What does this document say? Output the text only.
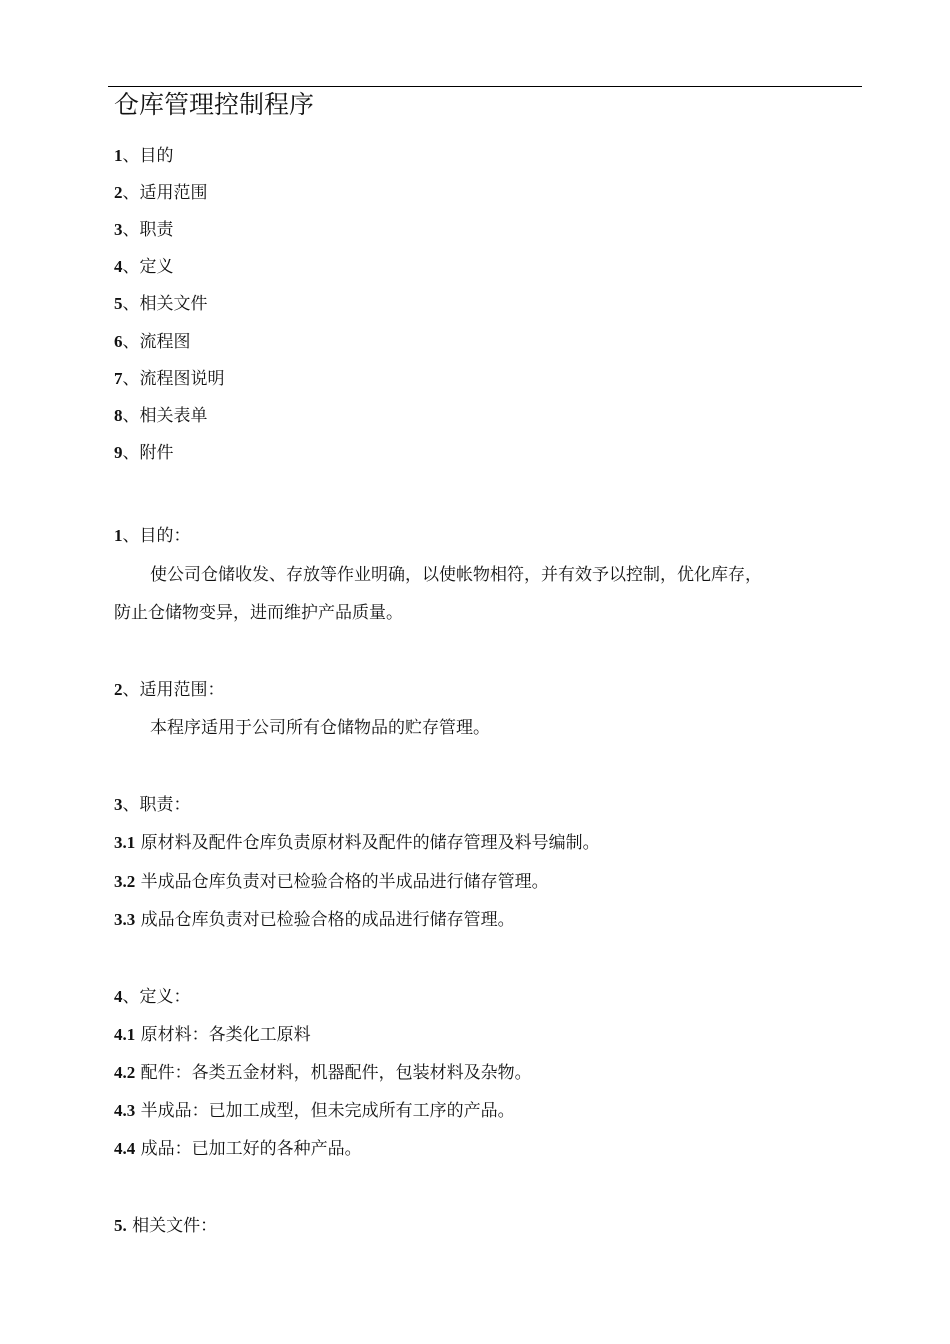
仓库管理控制程序
1、目的
2、适用范围
3、职责
4、定义
5、相关文件
6、流程图
7、流程图说明
8、相关表单
9、附件
1、目的：
使公司仓储收发、存放等作业明确，以使帐物相符，并有效予以控制，优化库存，
防止仓储物变异，进而维护产品质量。
2、适用范围：
本程序适用于公司所有仓储物品的贮存管理。
3、职责：
3.1 原材料及配件仓库负责原材料及配件的储存管理及料号编制。
3.2 半成品仓库负责对已检验合格的半成品进行储存管理。
3.3 成品仓库负责对已检验合格的成品进行储存管理。
4、定义：
4.1 原材料：各类化工原料
4.2 配件：各类五金材料，机器配件，包装材料及杂物。
4.3 半成品：已加工成型，但未完成所有工序的产品。
4.4 成品：已加工好的各种产品。
5. 相关文件：
